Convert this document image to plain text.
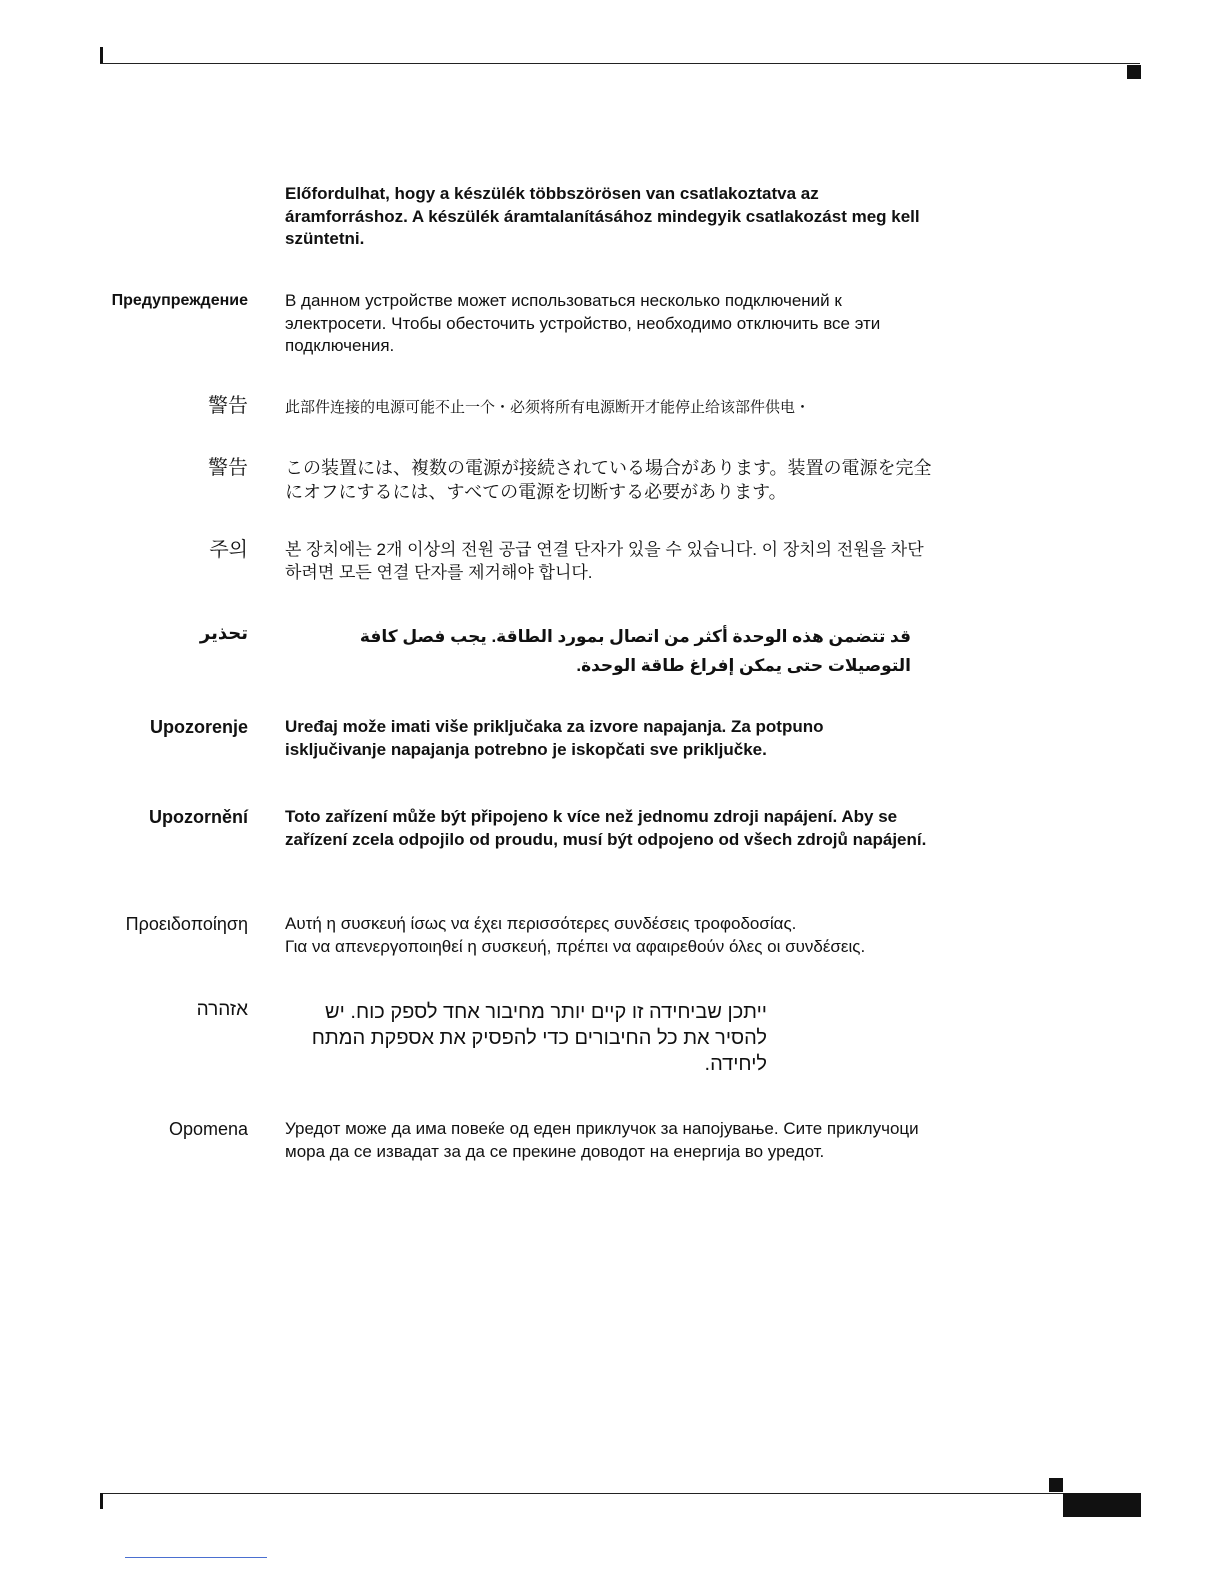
Előfordulhat, hogy a készülék többszörösen van csatlakoztatva az áramforráshoz. A készülék áramtalanításához mindegyik csatlakozást meg kell szüntetni.
Предупреждение В данном устройстве может использоваться несколько подключений к электросети. Чтобы обесточить устройство, необходимо отключить все эти подключения.
警告 此部件连接的电源可能不止一个・必须将所有电源断开才能停止给该部件供电・
警告 この装置には、複数の電源が接続されている場合があります。装置の電源を完全にオフにするには、すべての電源を切断する必要があります。
주의 본 장치에는 2개 이상의 전원 공급 연결 단자가 있을 수 있습니다. 이 장치의 전원을 차단하려면 모든 연결 단자를 제거해야 합니다.
تحذير	قد تتضمن هذه الوحدة أكثر من اتصال بمورد الطاقة. يجب فصل كافة التوصيلات حتى يمكن إفراغ طاقة الوحدة.
Upozorenje Uređaj može imati više priključaka za izvore napajanja. Za potpuno isključivanje napajanja potrebno je iskopčati sve priključke.
Upozornění Toto zařízení může být připojeno k více než jednomu zdroji napájení. Aby se zařízení zcela odpojilo od proudu, musí být odpojeno od všech zdrojů napájení.
Προειδοποίηση Αυτή η συσκευή ίσως να έχει περισσότερες συνδέσεις τροφοδοσίας.
Για να απενεργοποιηθεί η συσκευή, πρέπει να αφαιρεθούν όλες οι συνδέσεις.
אזהרה	ייתכן שביחידה זו קיים יותר מחיבור אחד לספק כוח. יש להסיר את כל החיבורים כדי להפסיק את אספקת המתח ליחידה.
Opomena Уредот може да има повеќе од еден приклучок за напојување. Сите приклучоци мора да се извадат за да се прекине доводот на енергија во уредот.
